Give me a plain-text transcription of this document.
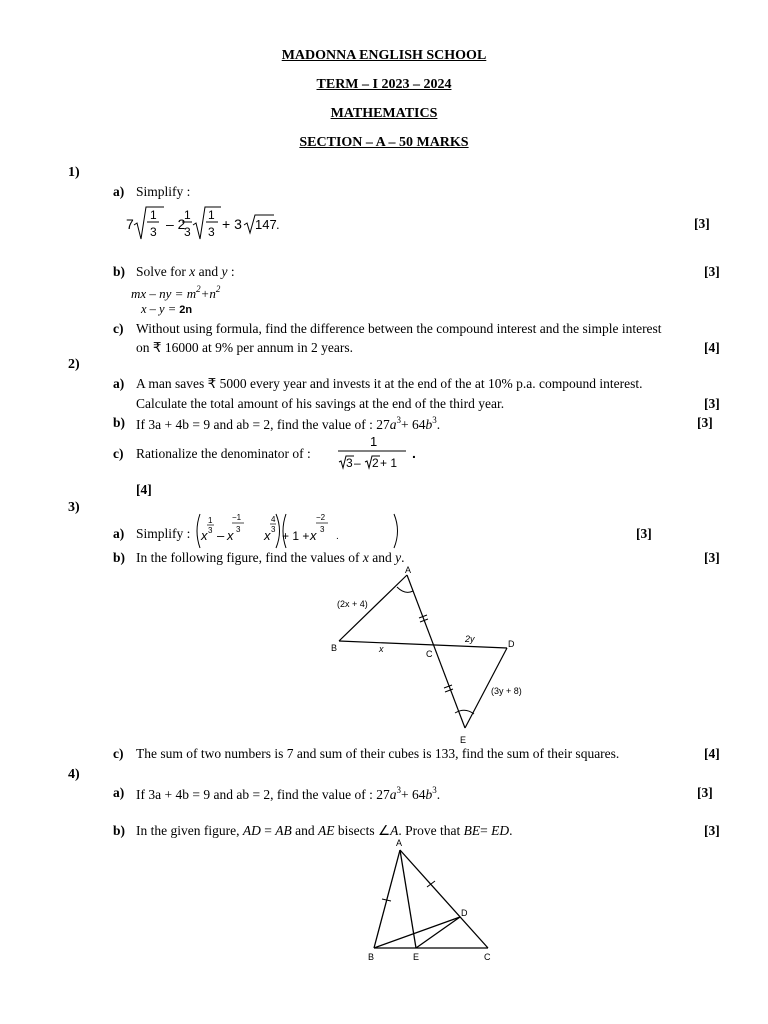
MADONNA ENGLISH SCHOOL
TERM – I 2023 – 2024
MATHEMATICS
SECTION – A – 50 MARKS
1)
a) Simplify :
7
1
3 – 2
1
3
1
3 + 3 147 .	[3]
b) Solve for x and y :	[3]
mx – ny = $m^2+n^2$
x – y = 2n
c) Without using formula, find the difference between the compound interest and the simple interest
on ₹ 16000 at 9% per annum in 2 years.	[4]
2)
a) A man saves ₹ 5000 every year and invests it at the end of the at 10% p.a. compound interest.
Calculate the total amount of his savings at the end of the third year.	[3]
b) If 3a + 4b = 9 and ab = 2, find the value of : $27a^3+ 64b^3$.	[3]
c) Rationalize the denominator of :
1
3 – 2 + 1
.
[4]
3)
a) Simplify : x
1
3 – x
−1
3 x
4
3 + 1 + x
−2
3
.	[3]
b) In the following figure, find the values of x and y.	[3]
A
B
C
D
E
(2x + 4)
x
2y
(3y + 8)
c) The sum of two numbers is 7 and sum of their cubes is 133, find the sum of their squares.	[4]
4)
a) If 3a + 4b = 9 and ab = 2, find the value of : $27a^3+ 64b^3$.	[3]
b) In the given figure, AD = AB and AE bisects ∠A. Prove that BE= ED.	[3]
A
B	E	C
D
